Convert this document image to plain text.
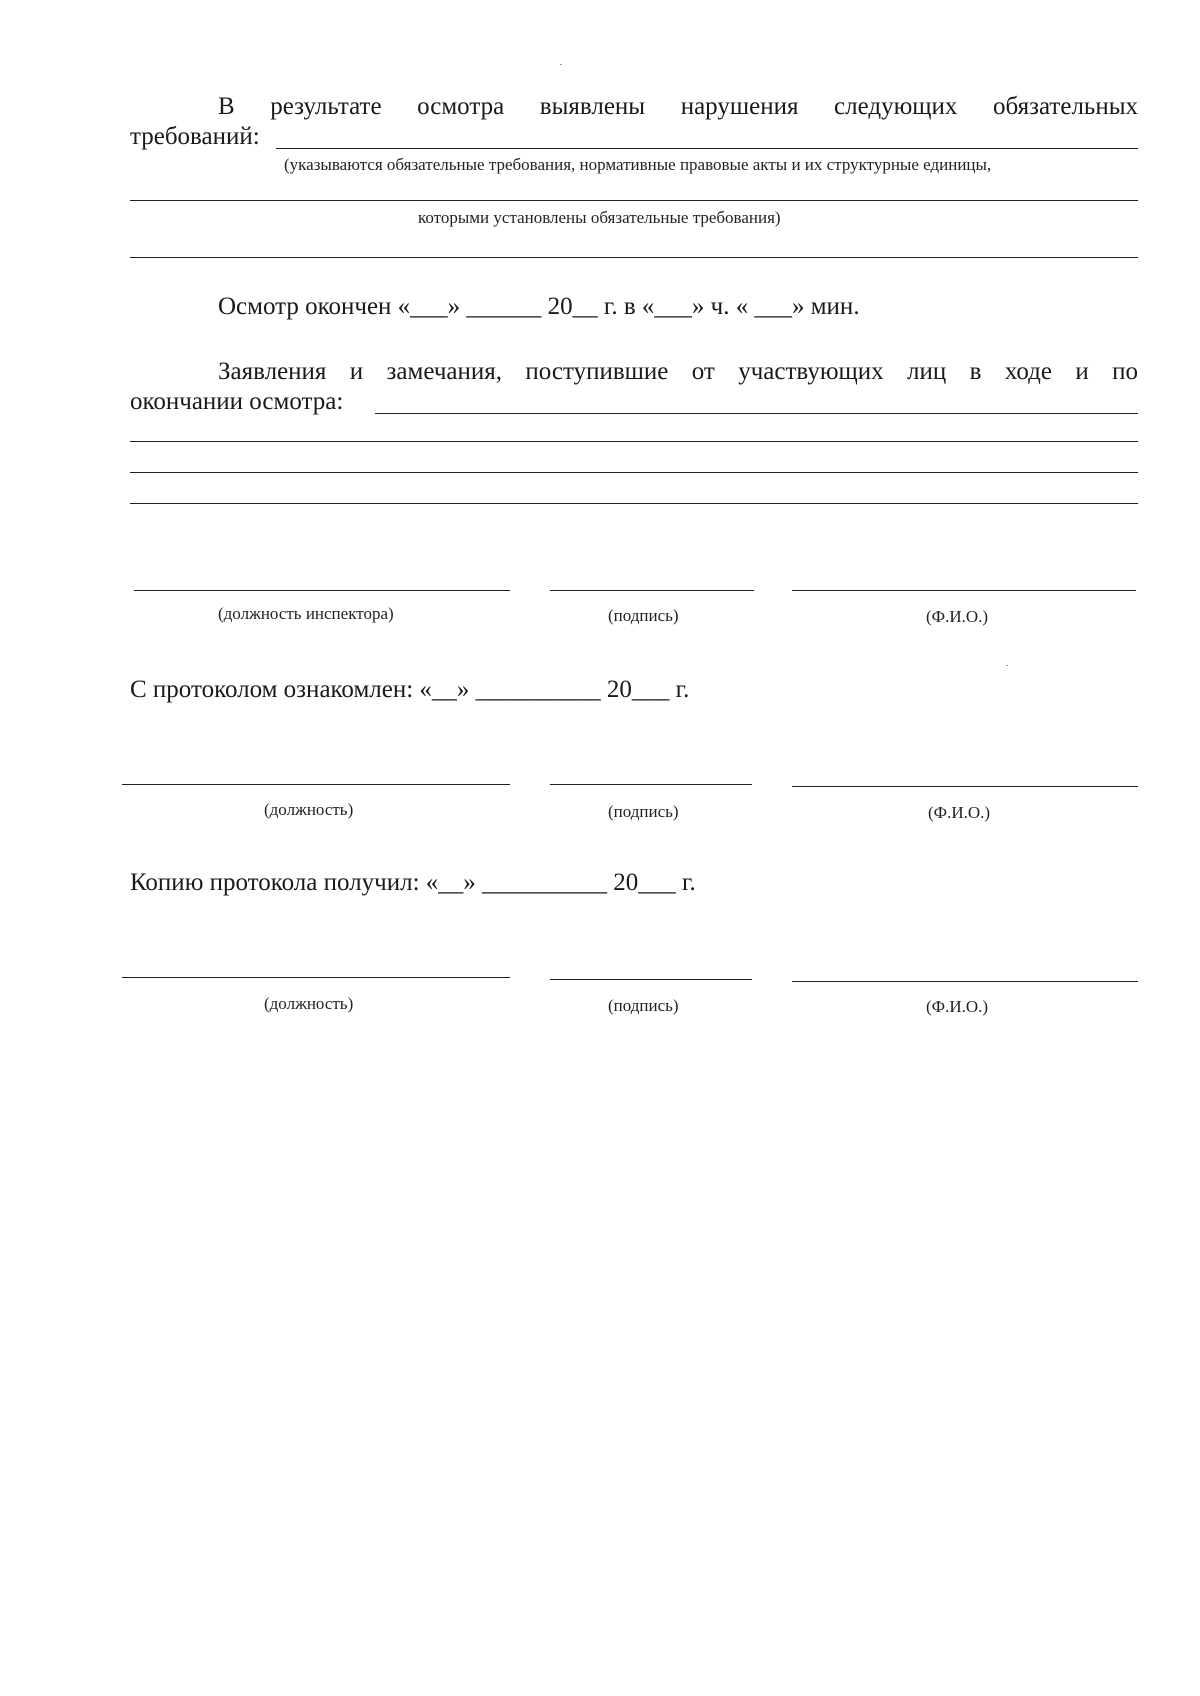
В результате осмотра выявлены нарушения следующих обязательных
требований:
(указываются обязательные требования, нормативные правовые акты и их структурные единицы,
которыми установлены обязательные требования)
Осмотр окончен «___» ______ 20__ г. в «___» ч. « ___» мин.
Заявления и замечания, поступившие от участвующих лиц в ходе и по
окончании осмотра:
(должность инспектора)	(подпись)	(Ф.И.О.)
С протоколом ознакомлен: «__» __________ 20___ г.
(должность)	(подпись)	(Ф.И.О.)
Копию протокола получил: «__» __________ 20___ г.
(должность)	(подпись)	(Ф.И.О.)
